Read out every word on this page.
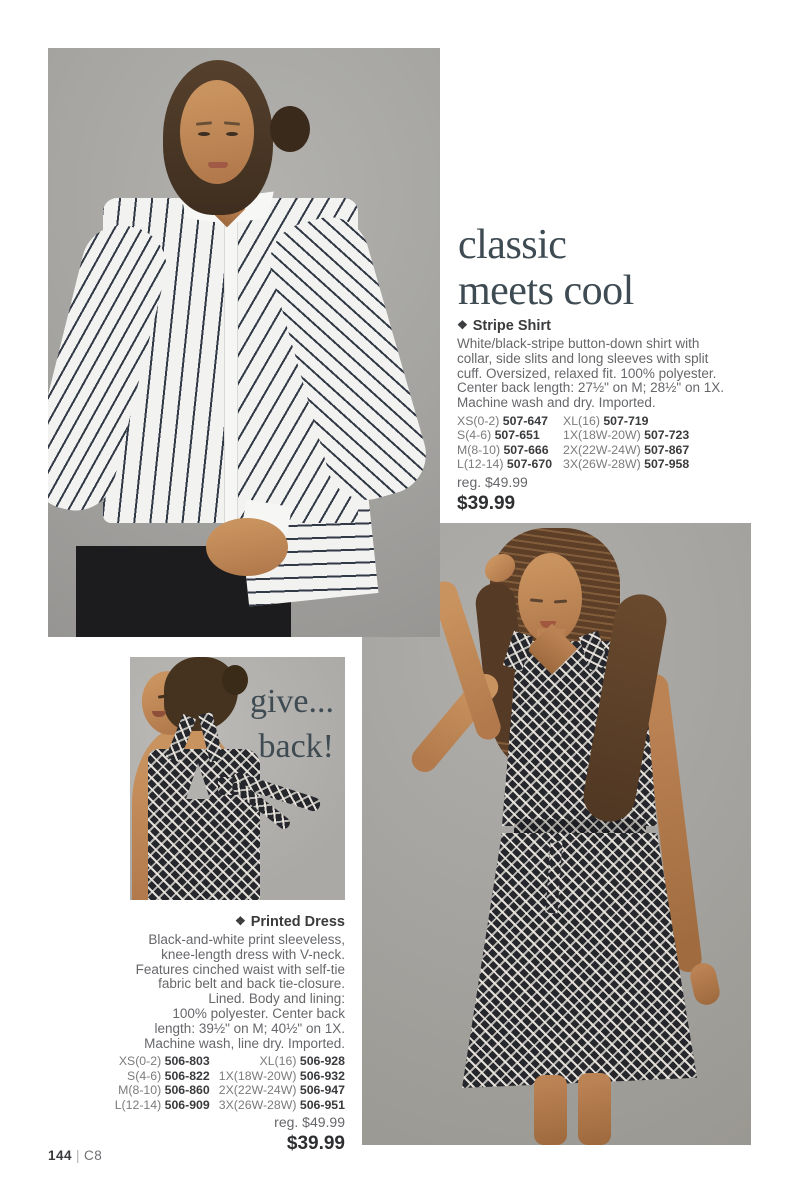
give...
back!
classic
meets cool
❖ Stripe Shirt
White/black-stripe button-down shirt with
collar, side slits and long sleeves with split
cuff. Oversized, relaxed fit. 100% polyester.
Center back length: 27½" on M; 28½" on 1X.
Machine wash and dry. Imported.
XS(0-2) 507-647
S(4-6) 507-651
M(8-10) 507-666
L(12-14) 507-670
XL(16) 507-719
1X(18W-20W) 507-723
2X(22W-24W) 507-867
3X(26W-28W) 507-958
reg. $49.99
$39.99
❖ Printed Dress
Black-and-white print sleeveless,
knee-length dress with V-neck.
Features cinched waist with self-tie
fabric belt and back tie-closure.
Lined. Body and lining:
100% polyester. Center back
length: 39½" on M; 40½" on 1X.
Machine wash, line dry. Imported.
XS(0-2) 506-803
S(4-6) 506-822
M(8-10) 506-860
L(12-14) 506-909
XL(16) 506-928
1X(18W-20W) 506-932
2X(22W-24W) 506-947
3X(26W-28W) 506-951
reg. $49.99
$39.99
144 | C8
